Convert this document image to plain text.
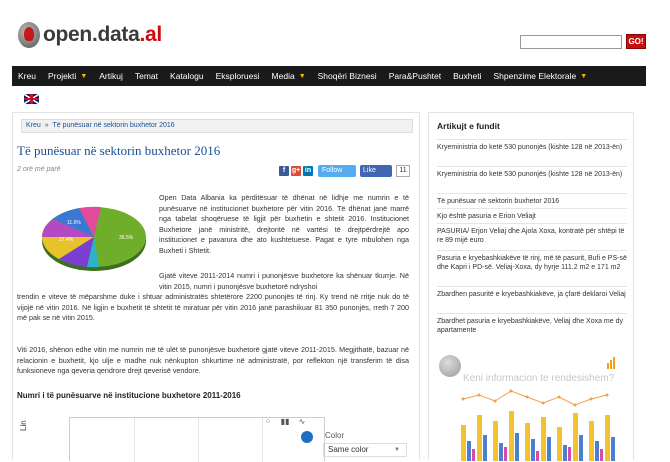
open.data.al	GO!
Kreu Projekti ▼ Artikuj Temat Katalogu Eksploruesi Media ▼ Shoqëri Biznesi Para&Pushtet Buxheti Shpenzime Elektorale ▼
Kreu » Të punësuar në sektorin buxhetor 2016
Të punësuar në sektorin buxhetor 2016
2 orë më parë	f g+ in	Follow	Like	11
11.6%
17.4%	36.5%
Open Data Albania ka përditësuar të dhënat në lidhje me numrin e të punësuarve në institucionet buxhetore për vitin 2016. Të dhënat janë marrë nga tabelat shoqëruese të ligjit për buxhetin e shtetit 2016. Institucionet Buxhetore janë ministritë, drejtoritë në vartësi të drejtpërdrejtë apo institucionet e pavarura dhe ato kushtetuese. Pagat e tyre mbulohen nga Buxheti i Shtetit.
Gjatë viteve 2011-2014 numri i punonjësve buxhetore ka shënuar tkurrje. Në vitin 2015, numri i punonjësve buxhetorë ndryshoi
trendin e viteve të mëparshme duke i shtuar administratës shtetërore 2200 punonjës të rinj. Ky trend në rritje nuk do të vijojë në vitin 2016. Në ligjin e buxhetit të shtetit të miratuar për vitin 2016 janë parashikuar 81 350 punonjës, rreth 7 200 më pak se në vitin 2015.
Viti 2016, shënon edhe vitin me numrin më të ulët të punonjësve buxhetorë gjatë viteve 2011-2015. Megjithatë, bazuar në relacionin e buxhetit, kjo ulje e madhe nuk nënkupton shkurtime në administratë, por reflekton një transferim të disa funksioneve nga qeveria qendrore drejt qeverisë vendore.
Numri i të punësuarve në institucione buxhetore 2011-2016
⁘	▮▮	∿
Lin
Color
Same color	▼
Artikujt e fundit
Kryeministria do ketë 530 punonjës (kishte 128 në 2013-ën)
Kryeministria do ketë 530 punonjës (kishte 128 në 2013-ën)
Të punësuar në sektorin buxhetor 2016
Kjo është pasuria e Erion Veliajt
PASURIA/ Erjon Veliaj dhe Ajola Xoxa, kontratë për shtëpi të re 89 mijë euro
Pasuria e kryebashkiakëve të rinj, më të pasurit, Bufi e PS-së dhe Kapri i PD-së. Veliaj-Xoxa, dy hyrje 111.2 m2 e 171 m2
Zbardhen pasuritë e kryebashkiakëve, ja çfarë deklaroi Veliaj
Zbardhet pasuria e kryebashkiakëve, Veliaj dhe Xoxa me dy apartamente
Keni informacion te rendesishem?
